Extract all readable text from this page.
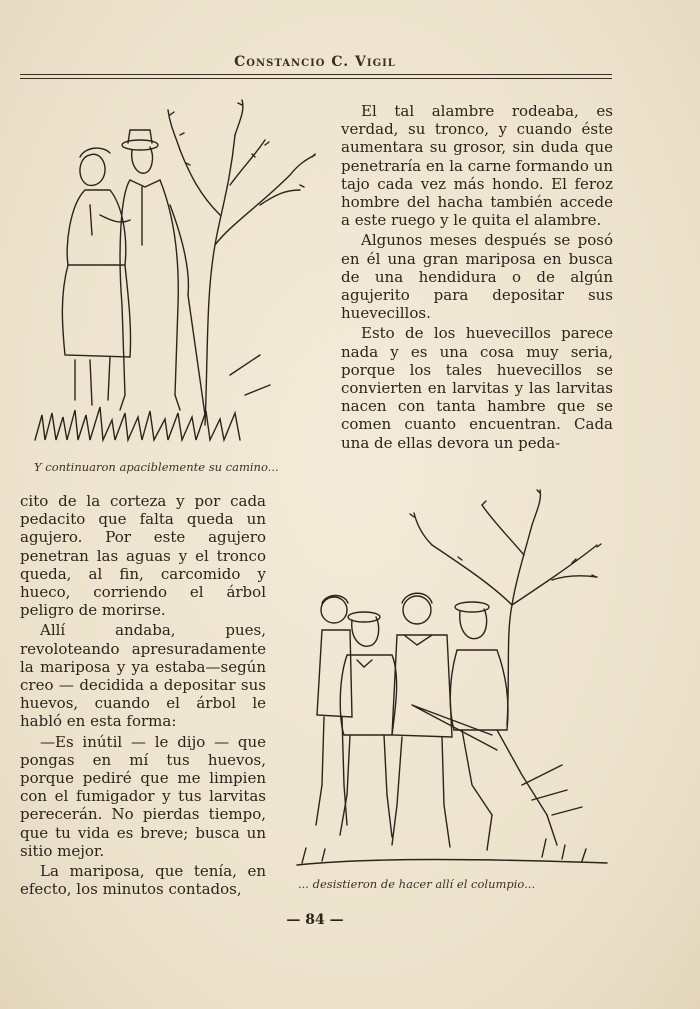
Constancio C. Vigil
Y continuaron apaciblemente su camino...

El tal alambre rodeaba, es verdad, su tronco, y cuando éste aumentara su grosor, sin duda que penetraría en la carne formando un tajo cada vez más hondo. El feroz hombre del hacha también accede a este ruego y le quita el alambre.

Algunos meses después se posó en él una gran mariposa en busca de una hendidura o de algún agujerito para depositar sus huevecillos.

Esto de los huevecillos parece nada y es una cosa muy seria, porque los tales huevecillos se convierten en larvitas y las larvitas nacen con tanta hambre que se comen cuanto encuentran. Cada una de ellas devora un peda-

cito de la corteza y por cada pedacito que falta queda un agujero. Por este agujero penetran las aguas y el tronco queda, al fin, carcomido y hueco, corriendo el árbol peligro de morirse.

Allí andaba, pues, revoloteando apresuradamente la mariposa y ya estaba—según creo — decidida a depositar sus huevos, cuando el árbol le habló en esta forma:

—Es inútil — le dijo — que pongas en mí tus huevos, porque pediré que me limpien con el fumigador y tus larvitas perecerán. No pierdas tiempo, que tu vida es breve; busca un sitio mejor.

La mariposa, que tenía, en efecto, los minutos contados,	... desistieron de hacer allí el columpio...
— 84 —
